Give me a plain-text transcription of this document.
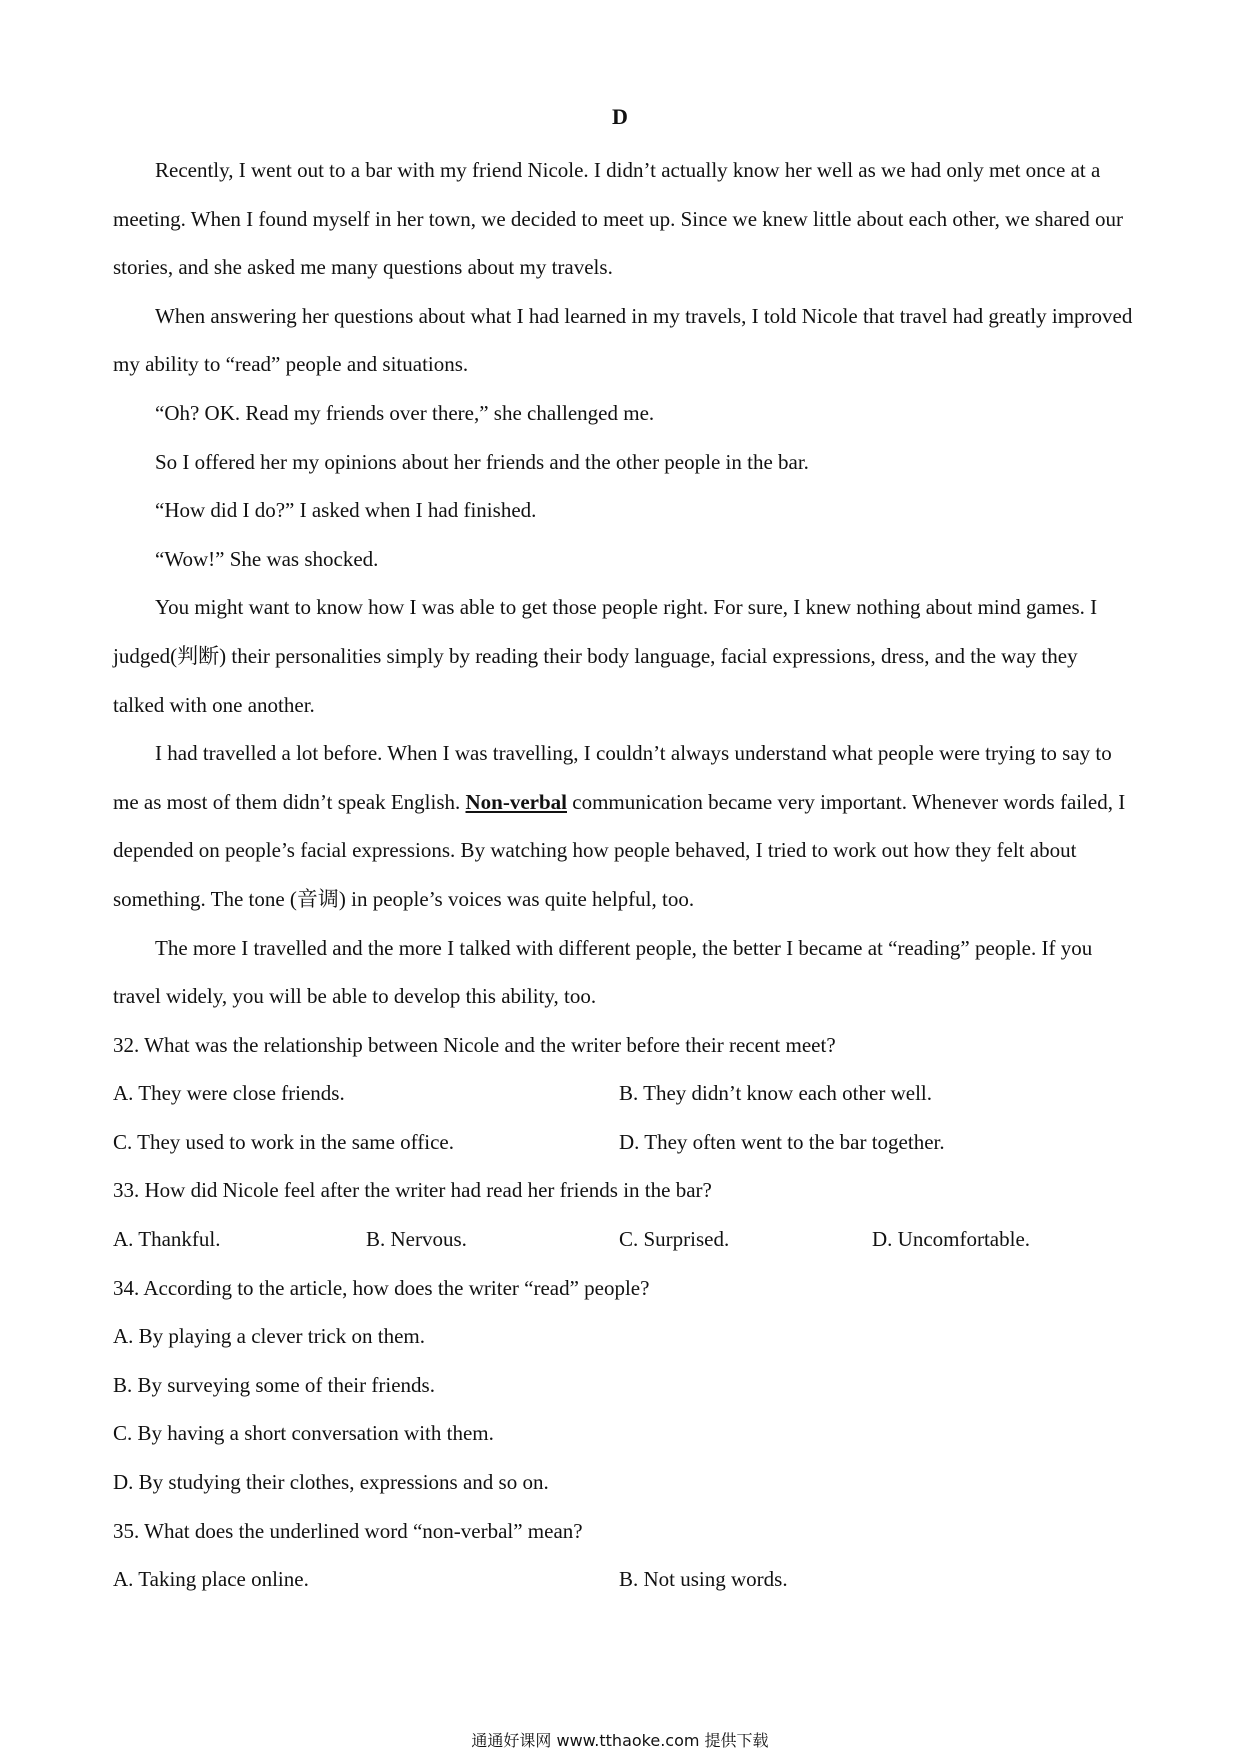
D

Recently, I went out to a bar with my friend Nicole. I didn’t actually know her well as we had only met once at a meeting. When I found myself in her town, we decided to meet up. Since we knew little about each other, we shared our stories, and she asked me many questions about my travels.

When answering her questions about what I had learned in my travels, I told Nicole that travel had greatly improved my ability to “read” people and situations.

“Oh? OK. Read my friends over there,” she challenged me.

So I offered her my opinions about her friends and the other people in the bar.

“How did I do?” I asked when I had finished.

“Wow!” She was shocked.

You might want to know how I was able to get those people right. For sure, I knew nothing about mind games. I judged(判断) their personalities simply by reading their body language, facial expressions, dress, and the way they talked with one another.

I had travelled a lot before. When I was travelling, I couldn’t always understand what people were trying to say to me as most of them didn’t speak English. Non-verbal communication became very important. Whenever words failed, I depended on people’s facial expressions. By watching how people behaved, I tried to work out how they felt about something. The tone (音调) in people’s voices was quite helpful, too.

The more I travelled and the more I talked with different people, the better I became at “reading” people. If you travel widely, you will be able to develop this ability, too.

32. What was the relationship between Nicole and the writer before their recent meet?

A. They were close friends.	B. They didn’t know each other well.
C. They used to work in the same office.	D. They often went to the bar together.

33. How did Nicole feel after the writer had read her friends in the bar?

A. Thankful.	B. Nervous.	C. Surprised.	D. Uncomfortable.

34. According to the article, how does the writer “read” people?

A. By playing a clever trick on them.

B. By surveying some of their friends.

C. By having a short conversation with them.

D. By studying their clothes, expressions and so on.

35. What does the underlined word “non-verbal” mean?

A. Taking place online.	B. Not using words.
通通好课网 www.tthaoke.com 提供下载
